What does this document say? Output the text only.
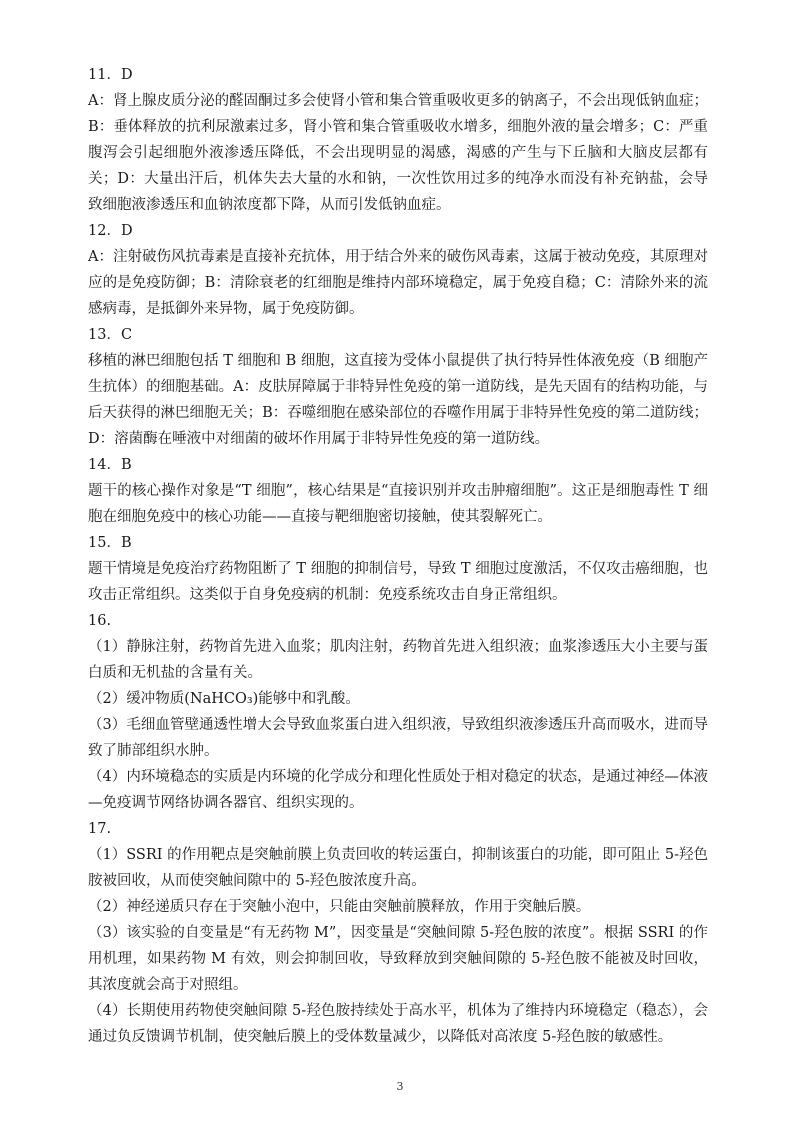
11．D

A：肾上腺皮质分泌的醛固酮过多会使肾小管和集合管重吸收更多的钠离子，不会出现低钠血症；B：垂体释放的抗利尿激素过多，肾小管和集合管重吸收水增多，细胞外液的量会增多；C：严重腹泻会引起细胞外液渗透压降低，不会出现明显的渴感，渴感的产生与下丘脑和大脑皮层都有关；D：大量出汗后，机体失去大量的水和钠，一次性饮用过多的纯净水而没有补充钠盐，会导致细胞液渗透压和血钠浓度都下降，从而引发低钠血症。

12．D

A：注射破伤风抗毒素是直接补充抗体，用于结合外来的破伤风毒素，这属于被动免疫，其原理对应的是免疫防御；B：清除衰老的红细胞是维持内部环境稳定，属于免疫自稳；C：清除外来的流感病毒，是抵御外来异物，属于免疫防御。

13．C

移植的淋巴细胞包括 T 细胞和 B 细胞，这直接为受体小鼠提供了执行特异性体液免疫（B 细胞产生抗体）的细胞基础。A：皮肤屏障属于非特异性免疫的第一道防线，是先天固有的结构功能，与后天获得的淋巴细胞无关；B：吞噬细胞在感染部位的吞噬作用属于非特异性免疫的第二道防线；D：溶菌酶在唾液中对细菌的破坏作用属于非特异性免疫的第一道防线。

14．B

题干的核心操作对象是“T 细胞”，核心结果是“直接识别并攻击肿瘤细胞”。这正是细胞毒性 T 细胞在细胞免疫中的核心功能——直接与靶细胞密切接触，使其裂解死亡。

15．B

题干情境是免疫治疗药物阻断了 T 细胞的抑制信号，导致 T 细胞过度激活，不仅攻击癌细胞，也攻击正常组织。这类似于自身免疫病的机制：免疫系统攻击自身正常组织。

16.

（1）静脉注射，药物首先进入血浆；肌肉注射，药物首先进入组织液；血浆渗透压大小主要与蛋白质和无机盐的含量有关。

（2）缓冲物质(NaHCO₃)能够中和乳酸。

（3）毛细血管壁通透性增大会导致血浆蛋白进入组织液，导致组织液渗透压升高而吸水，进而导致了肺部组织水肿。

（4）内环境稳态的实质是内环境的化学成分和理化性质处于相对稳定的状态，是通过神经—体液—免疫调节网络协调各器官、组织实现的。

17.

（1）SSRI 的作用靶点是突触前膜上负责回收的转运蛋白，抑制该蛋白的功能，即可阻止 5-羟色胺被回收，从而使突触间隙中的 5-羟色胺浓度升高。

（2）神经递质只存在于突触小泡中，只能由突触前膜释放，作用于突触后膜。

（3）该实验的自变量是“有无药物 M”，因变量是“突触间隙 5-羟色胺的浓度”。根据 SSRI 的作用机理，如果药物 M 有效，则会抑制回收，导致释放到突触间隙的 5-羟色胺不能被及时回收，其浓度就会高于对照组。

（4）长期使用药物使突触间隙 5-羟色胺持续处于高水平，机体为了维持内环境稳定（稳态），会通过负反馈调节机制，使突触后膜上的受体数量减少，以降低对高浓度 5-羟色胺的敏感性。

3
